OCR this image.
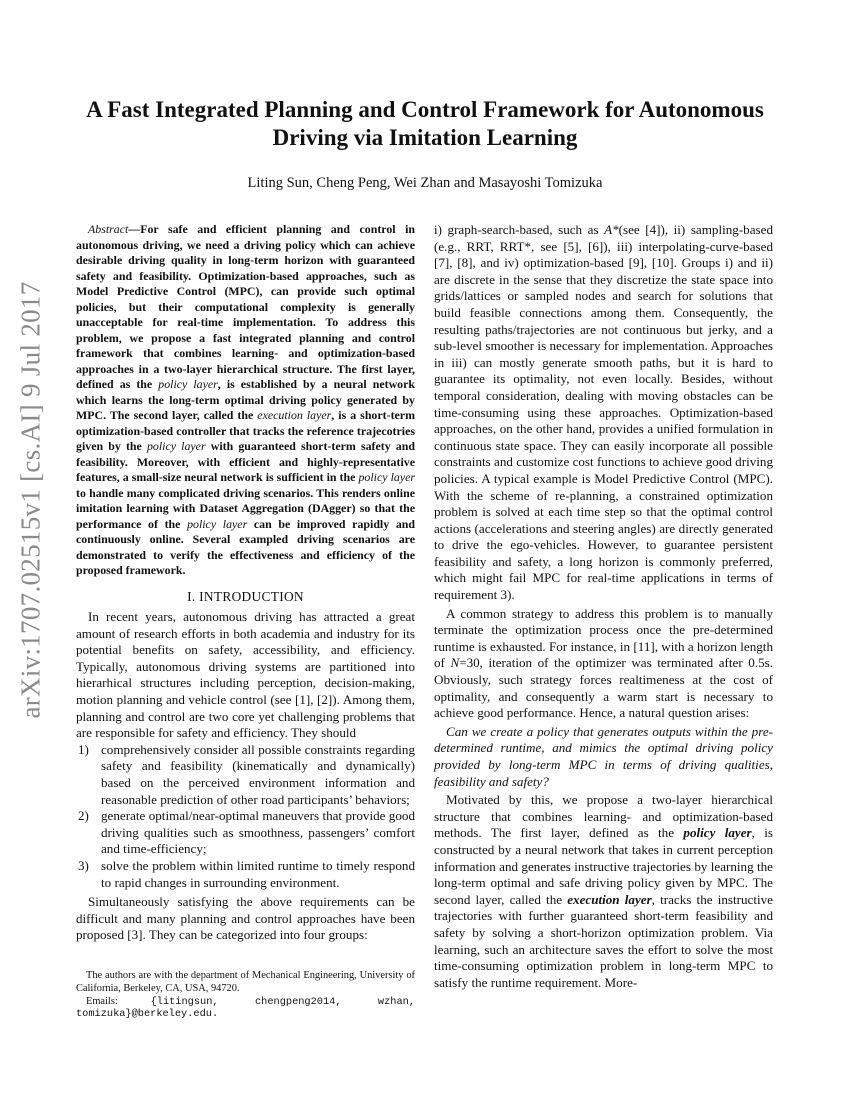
arXiv:1707.02515v1 [cs.AI] 9 Jul 2017
A Fast Integrated Planning and Control Framework for Autonomous
Driving via Imitation Learning
Liting Sun, Cheng Peng, Wei Zhan and Masayoshi Tomizuka

Abstract—For safe and efficient planning and control in autonomous driving, we need a driving policy which can achieve desirable driving quality in long-term horizon with guaranteed safety and feasibility. Optimization-based approaches, such as Model Predictive Control (MPC), can provide such optimal policies, but their computational complexity is generally unacceptable for real-time implementation. To address this problem, we propose a fast integrated planning and control framework that combines learning- and optimization-based approaches in a two-layer hierarchical structure. The first layer, defined as the policy layer, is established by a neural network which learns the long-term optimal driving policy generated by MPC. The second layer, called the execution layer, is a short-term optimization-based controller that tracks the reference trajecotries given by the policy layer with guaranteed short-term safety and feasibility. Moreover, with efficient and highly-representative features, a small-size neural network is sufficient in the policy layer to handle many complicated driving scenarios. This renders online imitation learning with Dataset Aggregation (DAgger) so that the performance of the policy layer can be improved rapidly and continuously online. Several exampled driving scenarios are demonstrated to verify the effectiveness and efficiency of the proposed framework.

I. INTRODUCTION

In recent years, autonomous driving has attracted a great amount of research efforts in both academia and industry for its potential benefits on safety, accessibility, and efficiency. Typically, autonomous driving systems are partitioned into hierarhical structures including perception, decision-making, motion planning and vehicle control (see [1], [2]). Among them, planning and control are two core yet challenging problems that are responsible for safety and efficiency. They should

1) comprehensively consider all possible constraints regarding safety and feasibility (kinematically and dynamically) based on the perceived environment information and reasonable prediction of other road participants’ behaviors;
2) generate optimal/near-optimal maneuvers that provide good driving qualities such as smoothness, passengers’ comfort and time-efficiency;
3) solve the problem within limited runtime to timely respond to rapid changes in surrounding environment.

Simultaneously satisfying the above requirements can be difficult and many planning and control approaches have been proposed [3]. They can be categorized into four groups:

The authors are with the department of Mechanical Engineering, University of California, Berkeley, CA, USA, 94720.

Emails: {litingsun, chengpeng2014, wzhan, tomizuka}@berkeley.edu.

i) graph-search-based, such as A*(see [4]), ii) sampling-based (e.g., RRT, RRT*, see [5], [6]), iii) interpolating-curve-based [7], [8], and iv) optimization-based [9], [10]. Groups i) and ii) are discrete in the sense that they discretize the state space into grids/lattices or sampled nodes and search for solutions that build feasible connections among them. Consequently, the resulting paths/trajectories are not continuous but jerky, and a sub-level smoother is necessary for implementation. Approaches in iii) can mostly generate smooth paths, but it is hard to guarantee its optimality, not even locally. Besides, without temporal consideration, dealing with moving obstacles can be time-consuming using these approaches. Optimization-based approaches, on the other hand, provides a unified formulation in continuous state space. They can easily incorporate all possible constraints and customize cost functions to achieve good driving policies. A typical example is Model Predictive Control (MPC). With the scheme of re-planning, a constrained optimization problem is solved at each time step so that the optimal control actions (accelerations and steering angles) are directly generated to drive the ego-vehicles. However, to guarantee persistent feasibility and safety, a long horizon is commonly preferred, which might fail MPC for real-time applications in terms of requirement 3).

A common strategy to address this problem is to manually terminate the optimization process once the pre-determined runtime is exhausted. For instance, in [11], with a horizon length of N=30, iteration of the optimizer was terminated after 0.5s. Obviously, such strategy forces realtimeness at the cost of optimality, and consequently a warm start is necessary to achieve good performance. Hence, a natural question arises:

Can we create a policy that generates outputs within the pre-determined runtime, and mimics the optimal driving policy provided by long-term MPC in terms of driving qualities, feasibility and safety?

Motivated by this, we propose a two-layer hierarchical structure that combines learning- and optimization-based methods. The first layer, defined as the policy layer, is constructed by a neural network that takes in current perception information and generates instructive trajectories by learning the long-term optimal and safe driving policy given by MPC. The second layer, called the execution layer, tracks the instructive trajectories with further guaranteed short-term feasibility and safety by solving a short-horizon optimization problem. Via learning, such an architecture saves the effort to solve the most time-consuming optimization problem in long-term MPC to satisfy the runtime requirement. More-
